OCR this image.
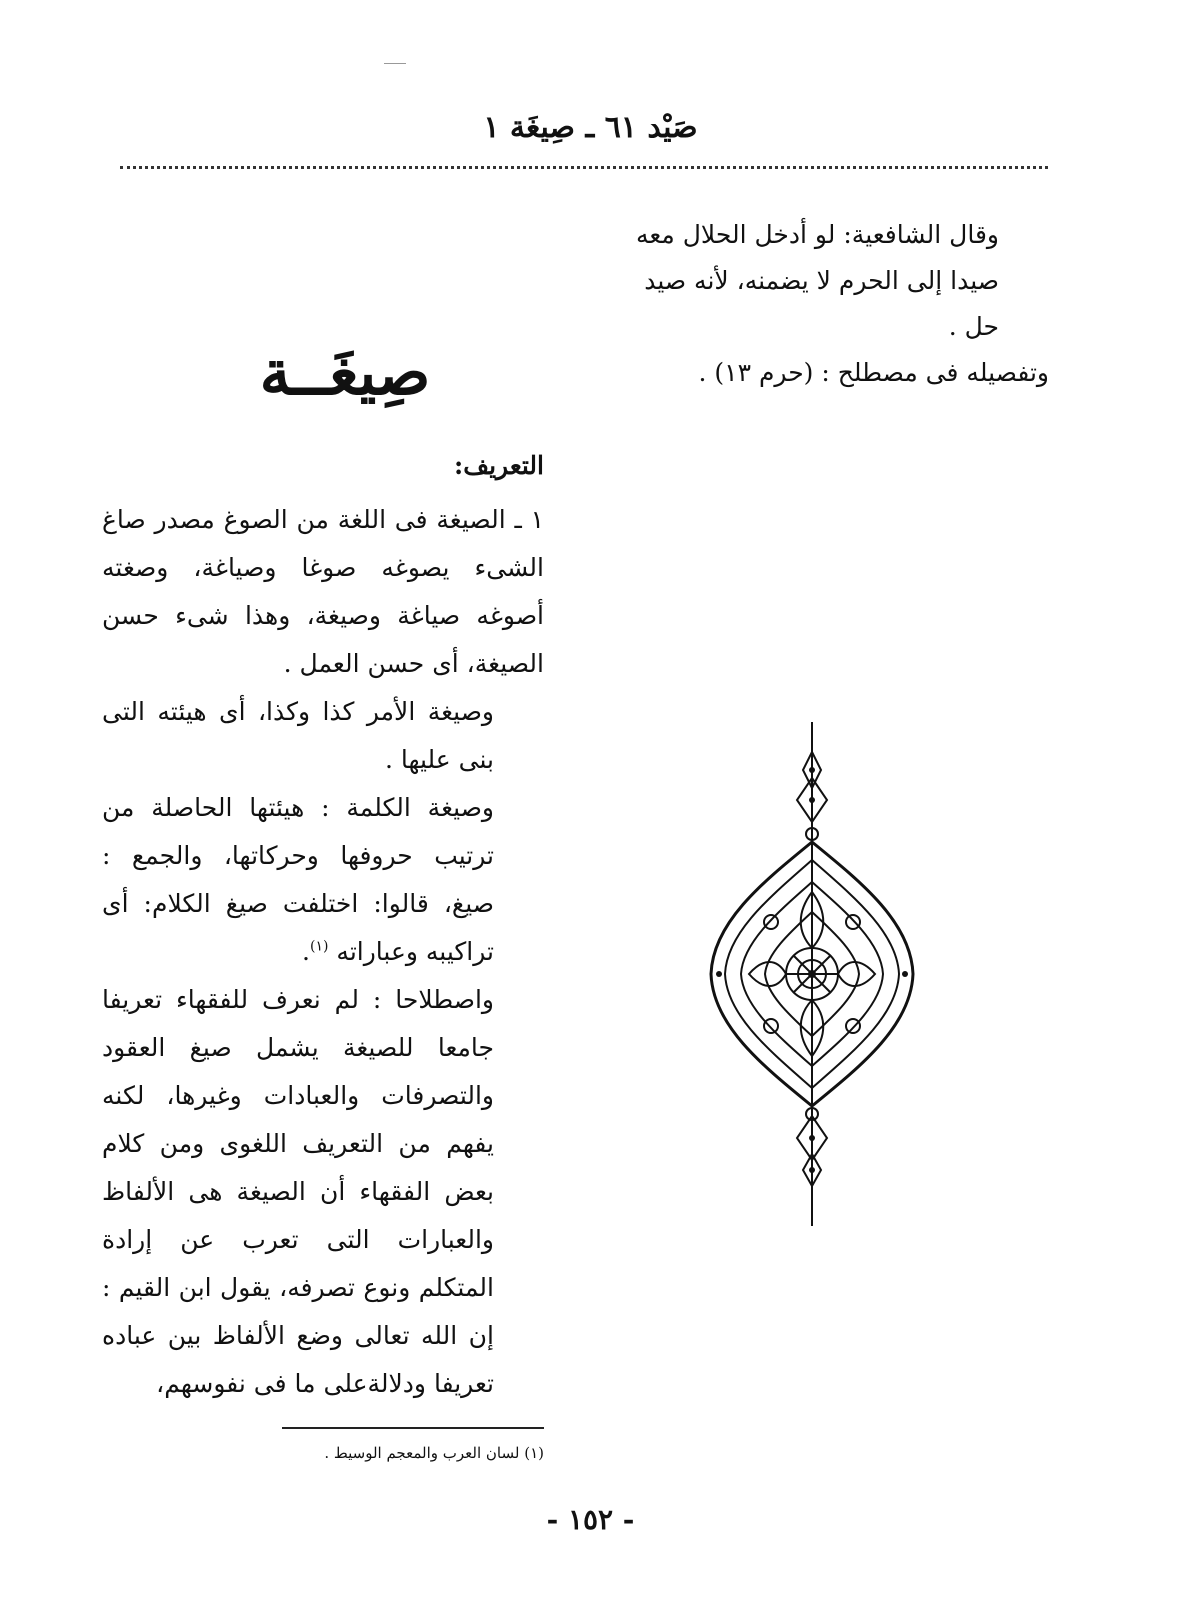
صَيْد ٦١ ـ صِيغَة ١

وقال الشافعية: لو أدخل الحلال معه صيدا إلى الحرم لا يضمنه، لأنه صيد حل .

وتفصيله فى مصطلح : (حرم ١٣) .

صِيغَــة

التعريف:

١ ـ الصيغة فى اللغة من الصوغ مصدر صاغ الشىء يصوغه صوغا وصياغة، وصغته أصوغه صياغة وصيغة، وهذا شىء حسن الصيغة، أى حسن العمل .

وصيغة الأمر كذا وكذا، أى هيئته التى بنى عليها .

وصيغة الكلمة : هيئتها الحاصلة من ترتيب حروفها وحركاتها، والجمع : صيغ، قالوا: اختلفت صيغ الكلام: أى تراكيبه وعباراته $^{(١)}$.

واصطلاحا : لم نعرف للفقهاء تعريفا جامعا للصيغة يشمل صيغ العقود والتصرفات والعبادات وغيرها، لكنه يفهم من التعريف اللغوى ومن كلام بعض الفقهاء أن الصيغة هى الألفاظ والعبارات التى تعرب عن إرادة المتكلم ونوع تصرفه، يقول ابن القيم : إن الله تعالى وضع الألفاظ بين عباده تعريفا ودلالةعلى ما فى نفوسهم،

(١) لسان العرب والمعجم الوسيط .
- ١٥٢ -
